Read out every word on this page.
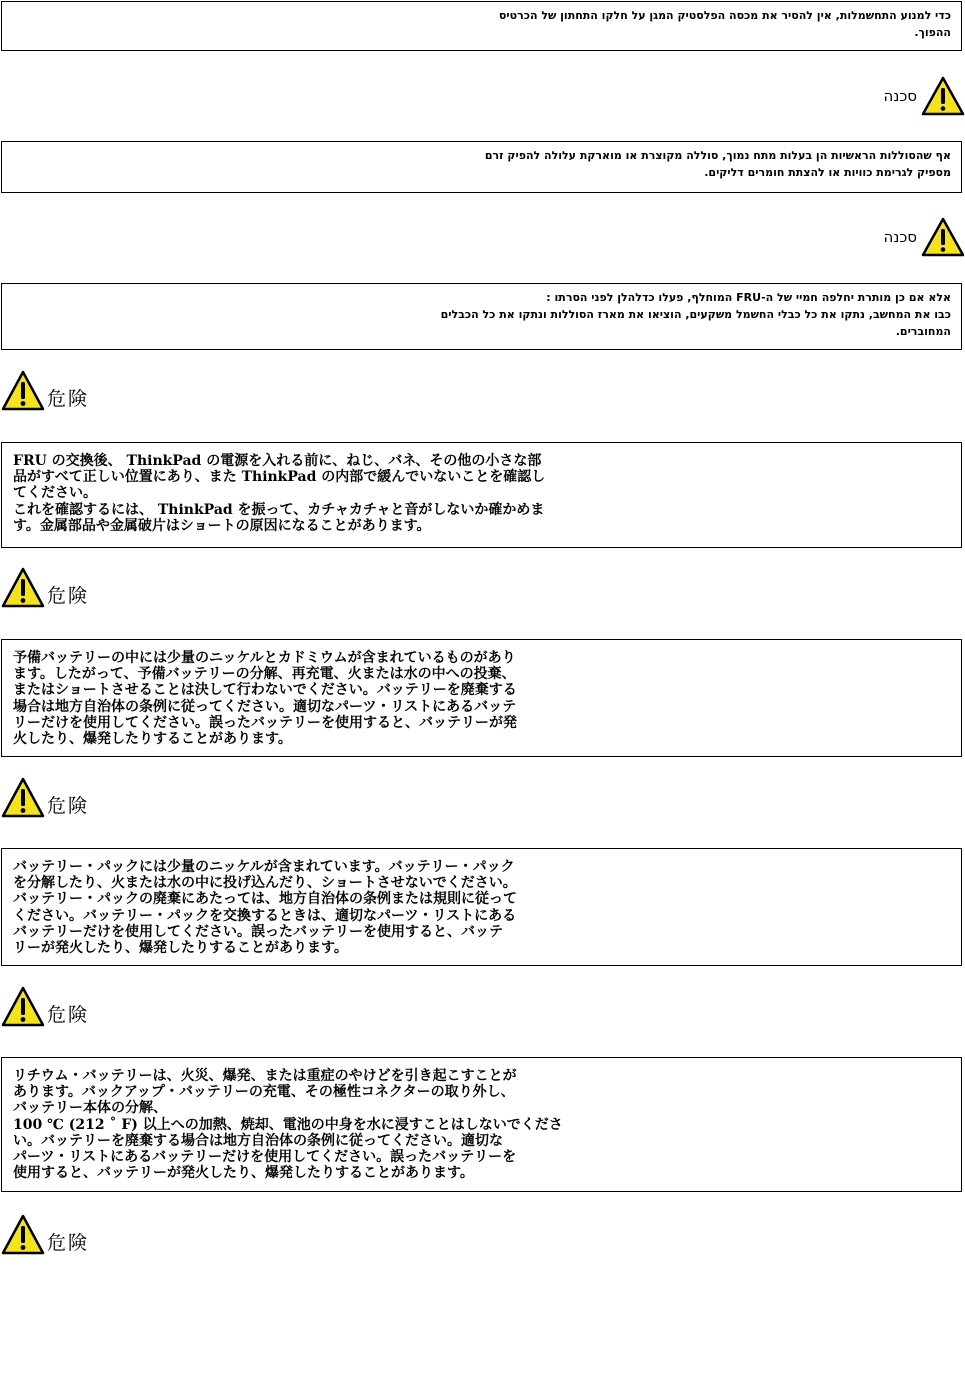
כדי למנוע התחשמלות, אין להסיר את מכסה הפלסטיק המגן על חלקו התחתון של הכרטיס
ההפוך.
סכנה
אף שהסוללות הראשיות הן בעלות מתח נמוך, סוללה מקוצרת או מוארקת עלולה להפיק זרם
מספיק לגרימת כוויות או להצתת חומרים דליקים.
סכנה
אלא אם כן מותרת יחלפה חמיי של ה-FRU המוחלף, פעלו כדלהלן לפני הסרתו :
כבו את המחשב, נתקו את כל כבלי החשמל משקעים, הוציאו את מארז הסוללות ונתקו את כל הכבלים
המחוברים.
危険
FRU の交換後、 ThinkPad の電源を入れる前に、ねじ、バネ、その他の小さな部
品がすべて正しい位置にあり、また ThinkPad の内部で緩んでいないことを確認し
てください。
これを確認するには、 ThinkPad を振って、カチャカチャと音がしないか確かめま
す。金属部品や金属破片はショートの原因になることがあります。
危険
予備バッテリーの中には少量のニッケルとカドミウムが含まれているものがあり
ます。したがって、予備バッテリーの分解、再充電、火または水の中への投棄、
またはショートさせることは決して行わないでください。バッテリーを廃棄する
場合は地方自治体の条例に従ってください。適切なパーツ・リストにあるバッテ
リーだけを使用してください。誤ったバッテリーを使用すると、バッテリーが発
火したり、爆発したりすることがあります。
危険
バッテリー・パックには少量のニッケルが含まれています。バッテリー・パック
を分解したり、火または水の中に投げ込んだり、ショートさせないでください。
バッテリー・パックの廃棄にあたっては、地方自治体の条例または規則に従って
ください。バッテリー・パックを交換するときは、適切なパーツ・リストにある
バッテリーだけを使用してください。誤ったバッテリーを使用すると、バッテ
リーが発火したり、爆発したりすることがあります。
危険
リチウム・バッテリーは、火災、爆発、または重症のやけどを引き起こすことが
あります。バックアップ・バッテリーの充電、その極性コネクターの取り外し、
バッテリー本体の分解、
100 ℃ (212 ˚ F) 以上への加熱、焼却、電池の中身を水に浸すことはしないでくださ
い。バッテリーを廃棄する場合は地方自治体の条例に従ってください。適切な
パーツ・リストにあるバッテリーだけを使用してください。誤ったバッテリーを
使用すると、バッテリーが発火したり、爆発したりすることがあります。
危険
